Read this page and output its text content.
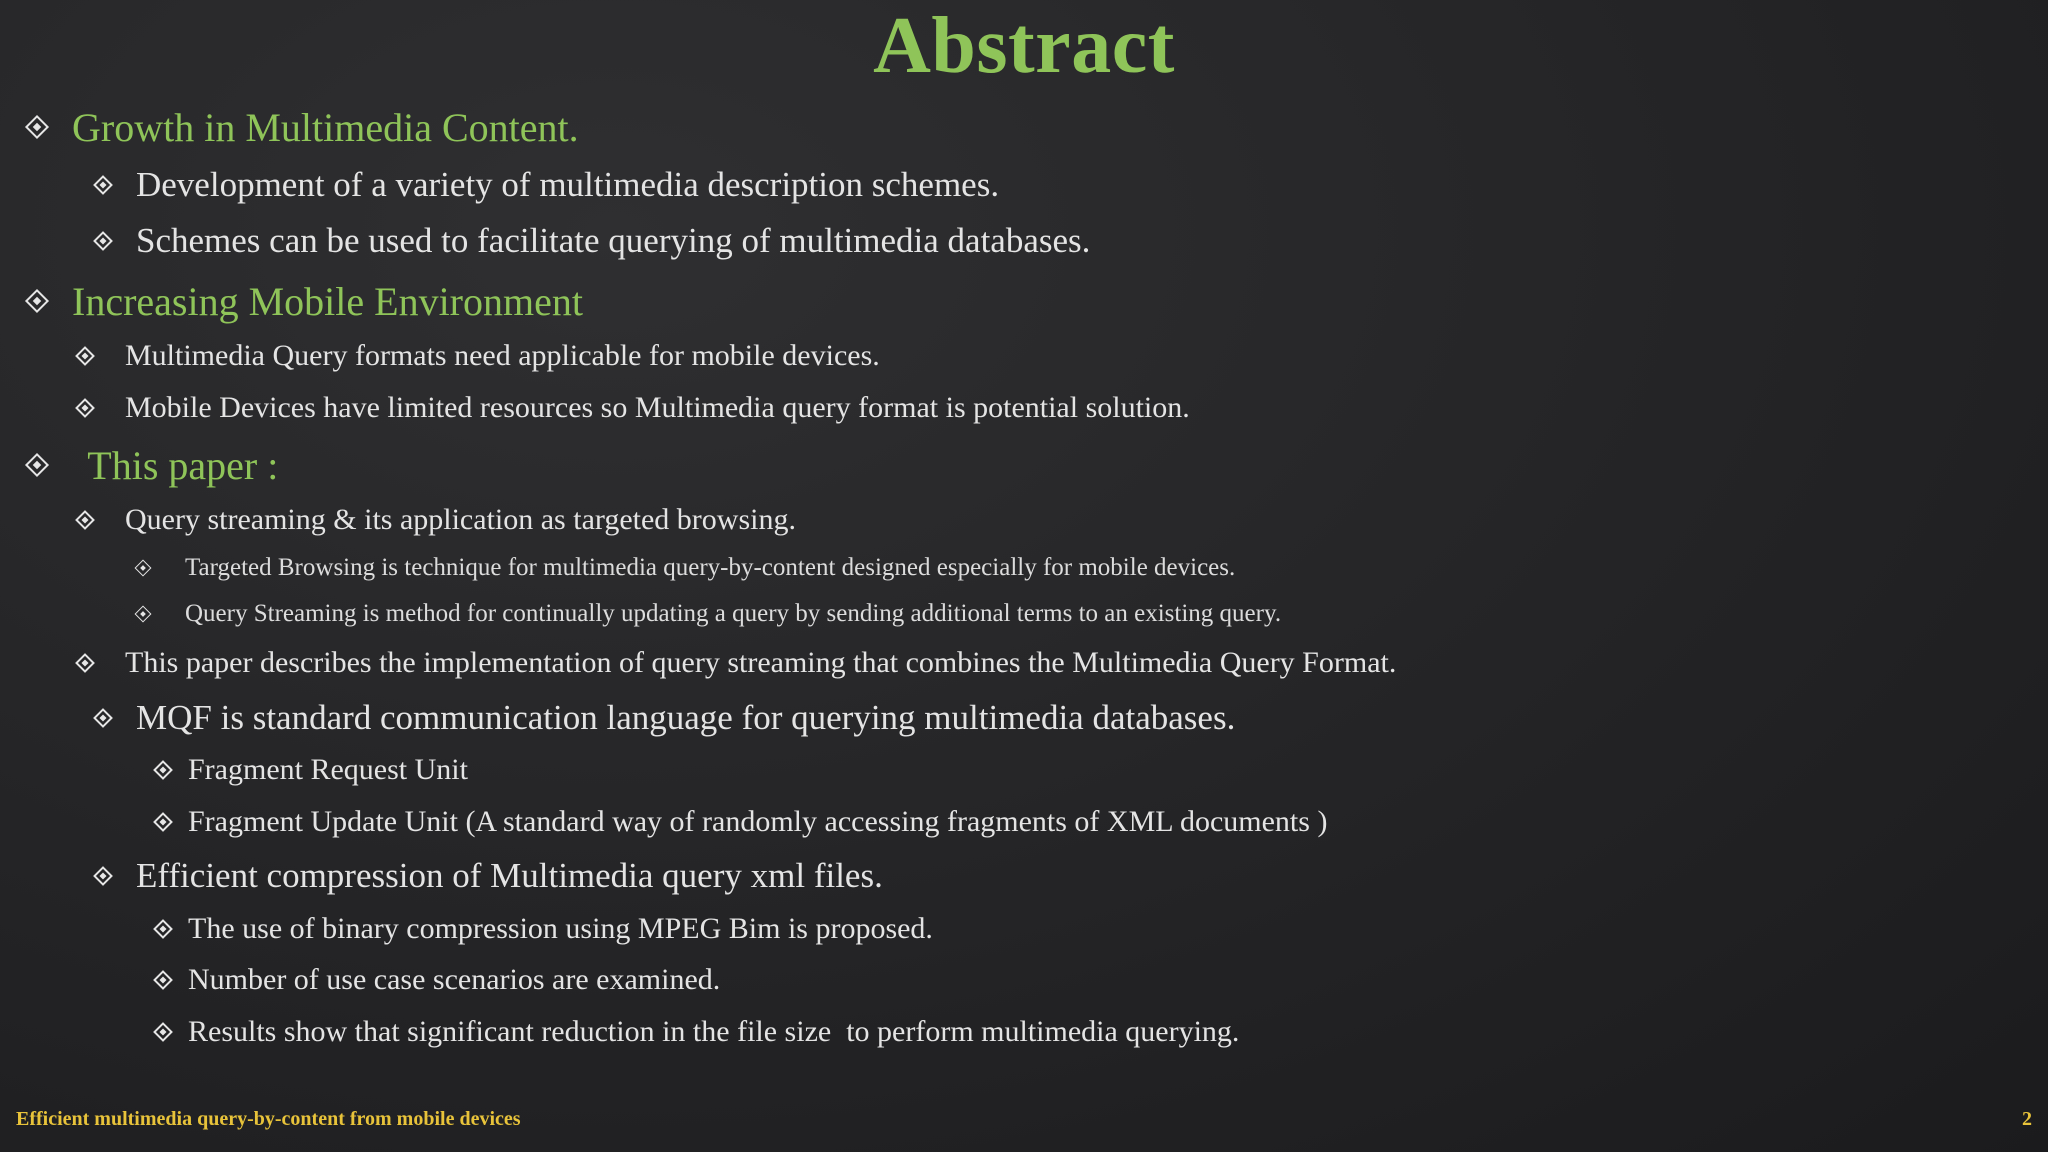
Abstract
Growth in Multimedia Content.
Development of a variety of multimedia description schemes.
Schemes can be used to facilitate querying of multimedia databases.
Increasing Mobile Environment
Multimedia Query formats need applicable for mobile devices.
Mobile Devices have limited resources so Multimedia query format is potential solution.
This paper :
Query streaming & its application as targeted browsing.
Targeted Browsing is technique for multimedia query-by-content designed especially for mobile devices.
Query Streaming is method for continually updating a query by sending additional terms to an existing query.
This paper describes the implementation of query streaming that combines the Multimedia Query Format.
MQF is standard communication language for querying multimedia databases.
Fragment Request Unit
Fragment Update Unit (A standard way of randomly accessing fragments of XML documents )
Efficient compression of Multimedia query xml files.
The use of binary compression using MPEG Bim is proposed.
Number of use case scenarios are examined.
Results show that significant reduction in the file size  to perform multimedia querying.
Efficient multimedia query-by-content from mobile devices	2
